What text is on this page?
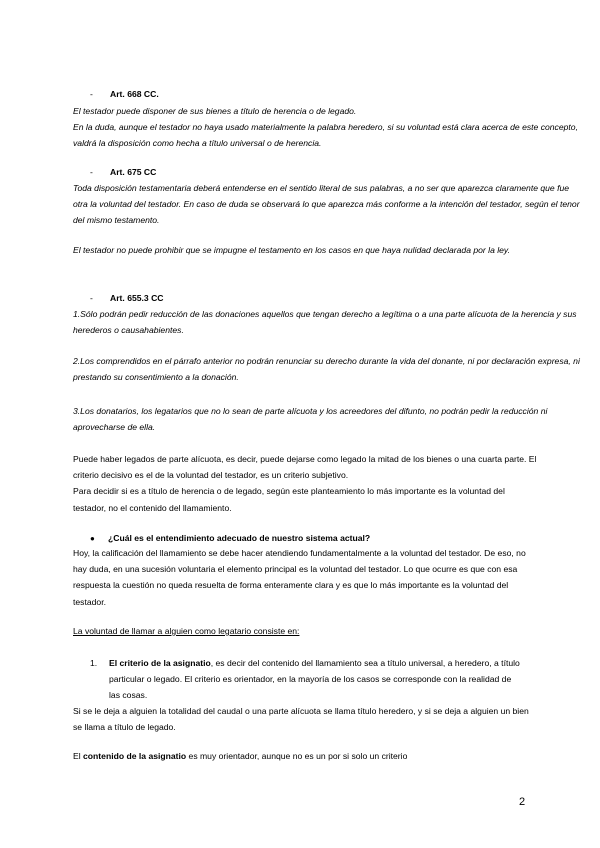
- Art. 668 CC.

El testador puede disponer de sus bienes a título de herencia o de legado.

En la duda, aunque el testador no haya usado materialmente la palabra heredero, si su voluntad está clara acerca de este concepto, valdrá la disposición como hecha a título universal o de herencia.

- Art. 675 CC

Toda disposición testamentaria deberá entenderse en el sentido literal de sus palabras, a no ser que aparezca claramente que fue otra la voluntad del testador. En caso de duda se observará lo que aparezca más conforme a la intención del testador, según el tenor del mismo testamento.

El testador no puede prohibir que se impugne el testamento en los casos en que haya nulidad declarada por la ley.

- Art. 655.3 CC

1.Sólo podrán pedir reducción de las donaciones aquellos que tengan derecho a legítima o a una parte alícuota de la herencia y sus herederos o causahabientes.

2.Los comprendidos en el párrafo anterior no podrán renunciar su derecho durante la vida del donante, ni por declaración expresa, ni prestando su consentimiento a la donación.

3.Los donatarios, los legatarios que no lo sean de parte alícuota y los acreedores del difunto, no podrán pedir la reducción ni aprovecharse de ella.

Puede haber legados de parte alícuota, es decir, puede dejarse como legado la mitad de los bienes o una cuarta parte. El criterio decisivo es el de la voluntad del testador, es un criterio subjetivo.

Para decidir si es a título de herencia o de legado, según este planteamiento lo más importante es la voluntad del testador, no el contenido del llamamiento.

● ¿Cuál es el entendimiento adecuado de nuestro sistema actual?

Hoy, la calificación del llamamiento se debe hacer atendiendo fundamentalmente a la voluntad del testador. De eso, no hay duda, en una sucesión voluntaria el elemento principal es la voluntad del testador. Lo que ocurre es que con esa respuesta la cuestión no queda resuelta de forma enteramente clara y es que lo más importante es la voluntad del testador.

La voluntad de llamar a alguien como legatario consiste en:
1. El criterio de la asignatio, es decir del contenido del llamamiento sea a título universal, a heredero, a título particular o legado. El criterio es orientador, en la mayoría de los casos se corresponde con la realidad de las cosas.

Si se le deja a alguien la totalidad del caudal o una parte alícuota se llama título heredero, y si se deja a alguien un bien se llama a título de legado.

El contenido de la asignatio es muy orientador, aunque no es un por si solo un criterio

2
